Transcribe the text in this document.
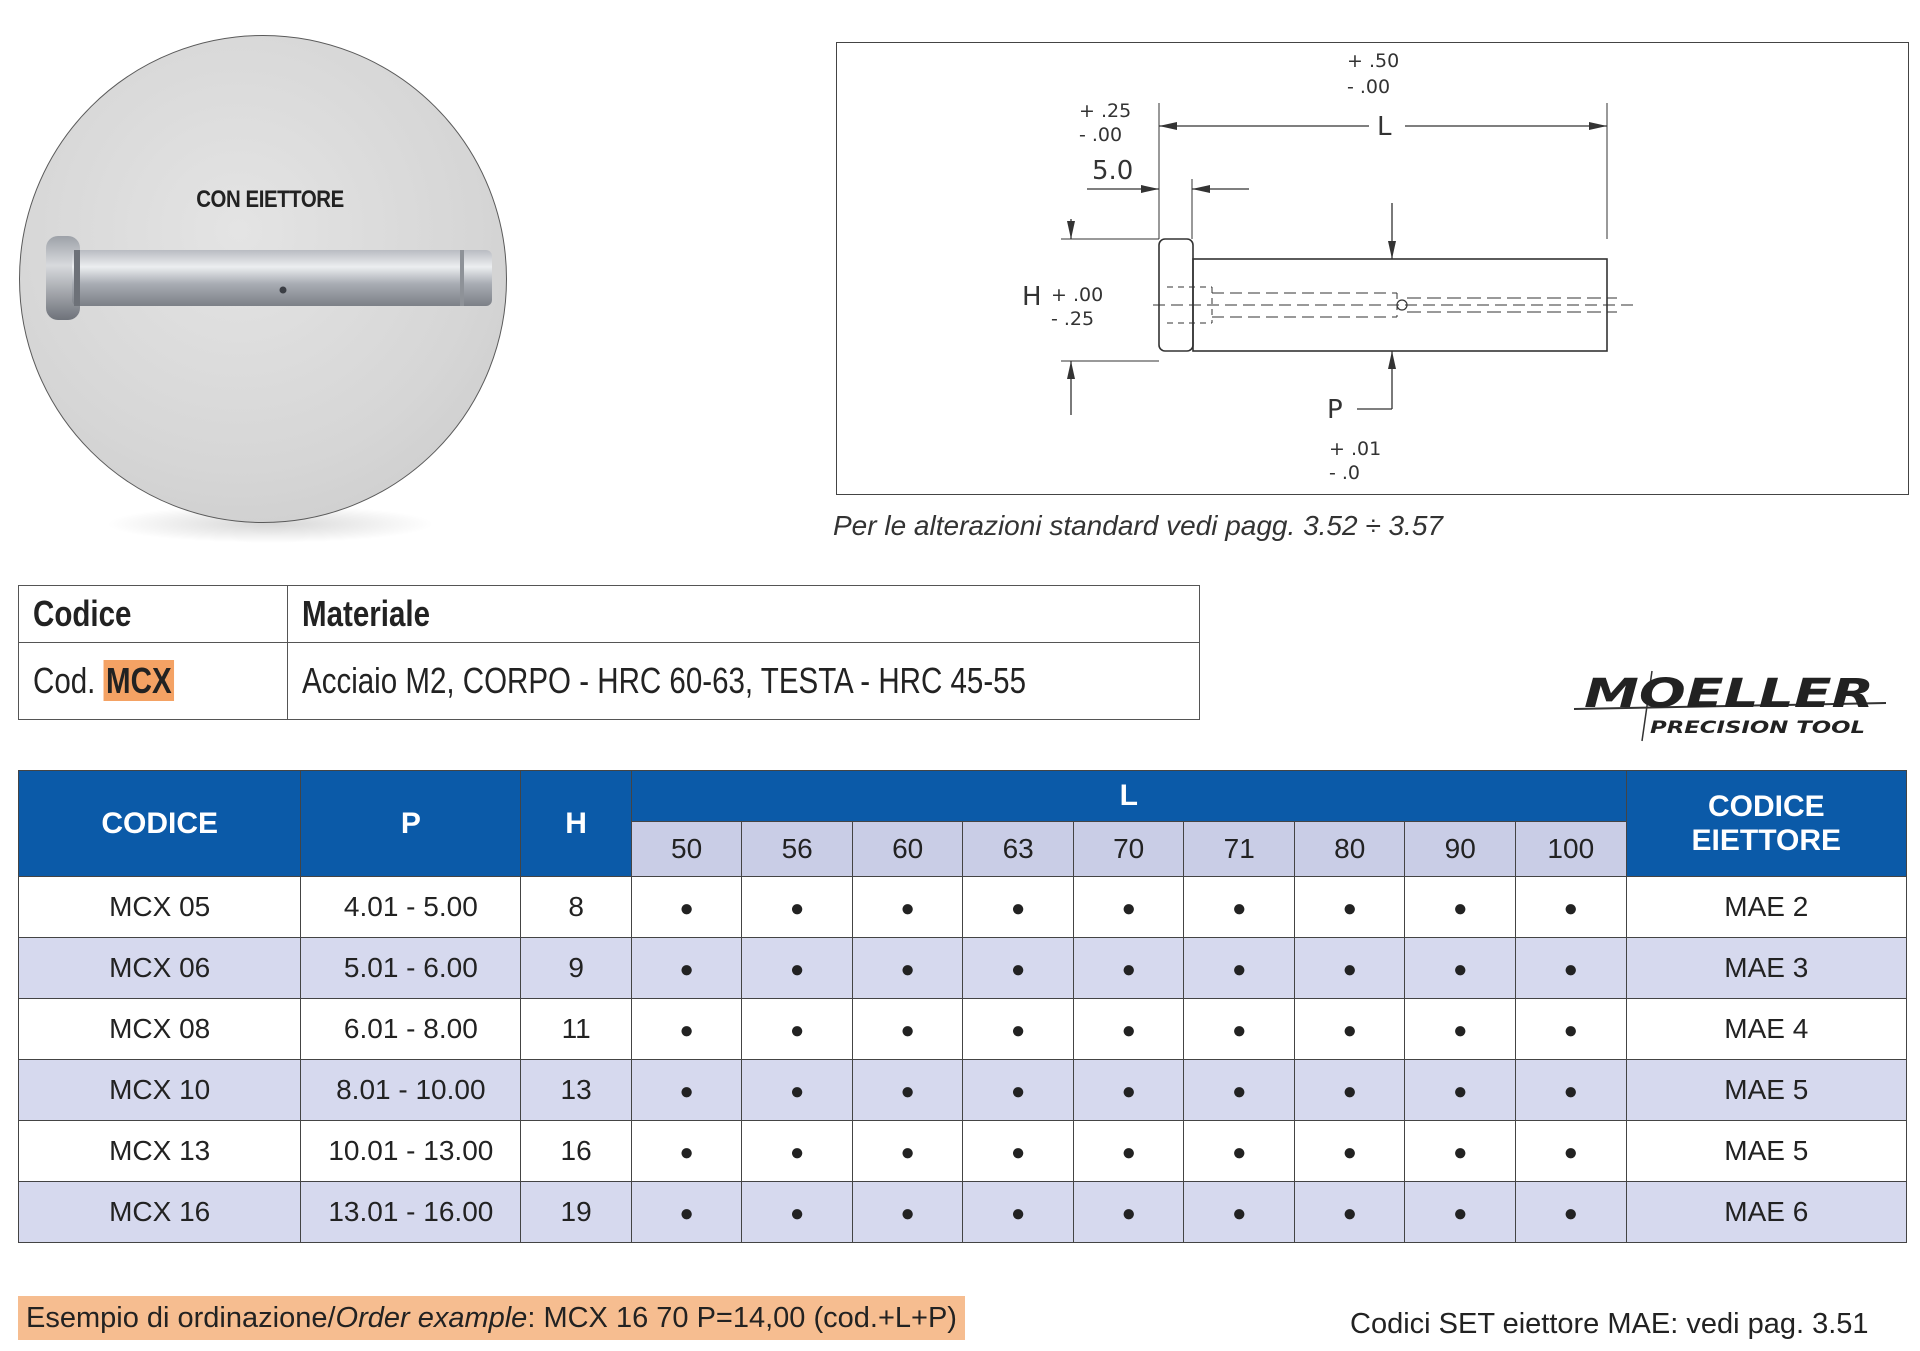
CON EIETTORE
+ .50
- .00
L
+ .25
- .00
5.0
H + .00
- .25
P
+ .01
- .0
Per le alterazioni standard vedi pagg. 3.52 ÷ 3.57
Codice	Materiale
Cod. MCX	Acciaio M2, CORPO - HRC 60-63, TESTA - HRC 45-55	MOELLER
PRECISION TOOL
CODICE	P	H	L									CODICE
EIETTORE

			50	56	60	63	70	71	80	90	100	
MCX 05	4.01 - 5.00	8	●	●	●	●	●	●	●	●	●	MAE 2
MCX 06	5.01 - 6.00	9	●	●	●	●	●	●	●	●	●	MAE 3
MCX 08	6.01 - 8.00	11	●	●	●	●	●	●	●	●	●	MAE 4
MCX 10	8.01 - 10.00	13	●	●	●	●	●	●	●	●	●	MAE 5
MCX 13	10.01 - 13.00	16	●	●	●	●	●	●	●	●	●	MAE 5
MCX 16	13.01 - 16.00	19	●	●	●	●	●	●	●	●	●	MAE 6
Esempio di ordinazione/Order example: MCX 16 70 P=14,00 (cod.+L+P)	Codici SET eiettore MAE: vedi pag. 3.51
